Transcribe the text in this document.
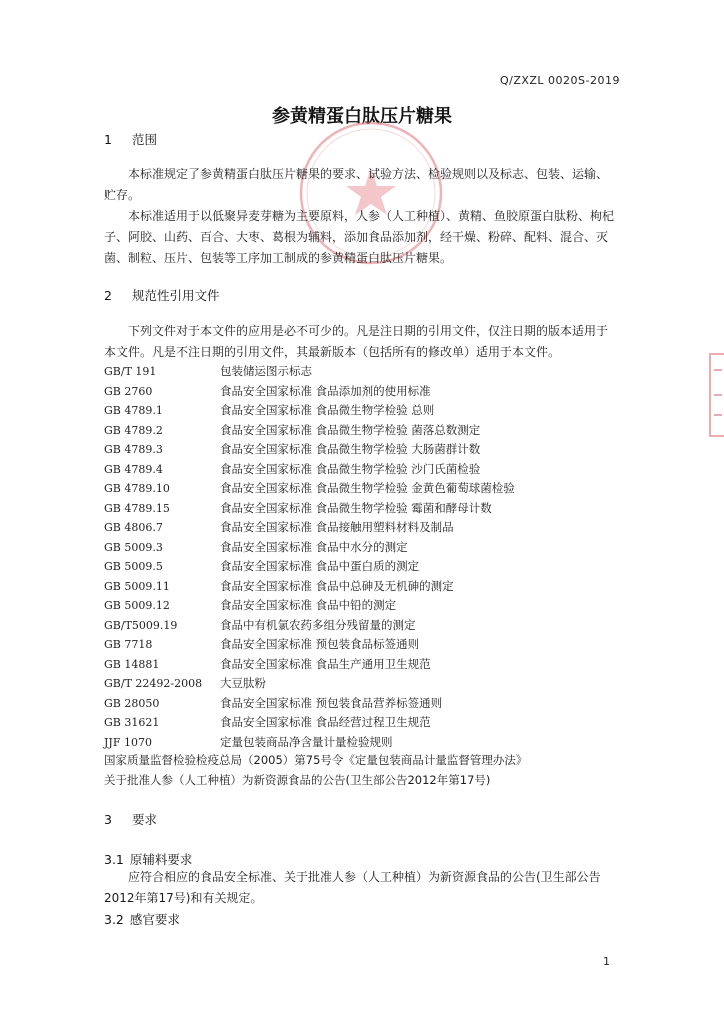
Q/ZXZL 0020S-2019
参黄精蛋白肽压片糖果
1 范围
本标准规定了参黄精蛋白肽压片糖果的要求、试验方法、检验规则以及标志、包装、运输、贮存。
本标准适用于以低聚异麦芽糖为主要原料，人参（人工种植）、黄精、鱼胶原蛋白肽粉、枸杞子、阿胶、山药、百合、大枣、葛根为辅料，添加食品添加剂，经干燥、粉碎、配料、混合、灭菌、制粒、压片、包装等工序加工制成的参黄精蛋白肽压片糖果。
2 规范性引用文件
下列文件对于本文件的应用是必不可少的。凡是注日期的引用文件，仅注日期的版本适用于本文件。凡是不注日期的引用文件，其最新版本（包括所有的修改单）适用于本文件。
GB/T 191	包装储运图示标志
GB 2760	食品安全国家标准 食品添加剂的使用标准
GB 4789.1	食品安全国家标准 食品微生物学检验 总则
GB 4789.2	食品安全国家标准 食品微生物学检验 菌落总数测定
GB 4789.3	食品安全国家标准 食品微生物学检验 大肠菌群计数
GB 4789.4	食品安全国家标准 食品微生物学检验 沙门氏菌检验
GB 4789.10	食品安全国家标准 食品微生物学检验 金黄色葡萄球菌检验
GB 4789.15	食品安全国家标准 食品微生物学检验 霉菌和酵母计数
GB 4806.7	食品安全国家标准 食品接触用塑料材料及制品
GB 5009.3	食品安全国家标准 食品中水分的测定
GB 5009.5	食品安全国家标准 食品中蛋白质的测定
GB 5009.11	食品安全国家标准 食品中总砷及无机砷的测定
GB 5009.12	食品安全国家标准 食品中铅的测定
GB/T5009.19	食品中有机氯农药多组分残留量的测定
GB 7718	食品安全国家标准 预包装食品标签通则
GB 14881	食品安全国家标准 食品生产通用卫生规范
GB/T 22492-2008 大豆肽粉
GB 28050	食品安全国家标准 预包装食品营养标签通则
GB 31621	食品安全国家标准 食品经营过程卫生规范
JJF 1070	定量包装商品净含量计量检验规则
国家质量监督检验检疫总局（2005）第75号令《定量包装商品计量监督管理办法》
关于批准人参（人工种植）为新资源食品的公告(卫生部公告2012年第17号)
3 要求
3.1 原辅料要求
应符合相应的食品安全标准、关于批准人参（人工种植）为新资源食品的公告(卫生部公告2012年第17号)和有关规定。
3.2 感官要求
1
